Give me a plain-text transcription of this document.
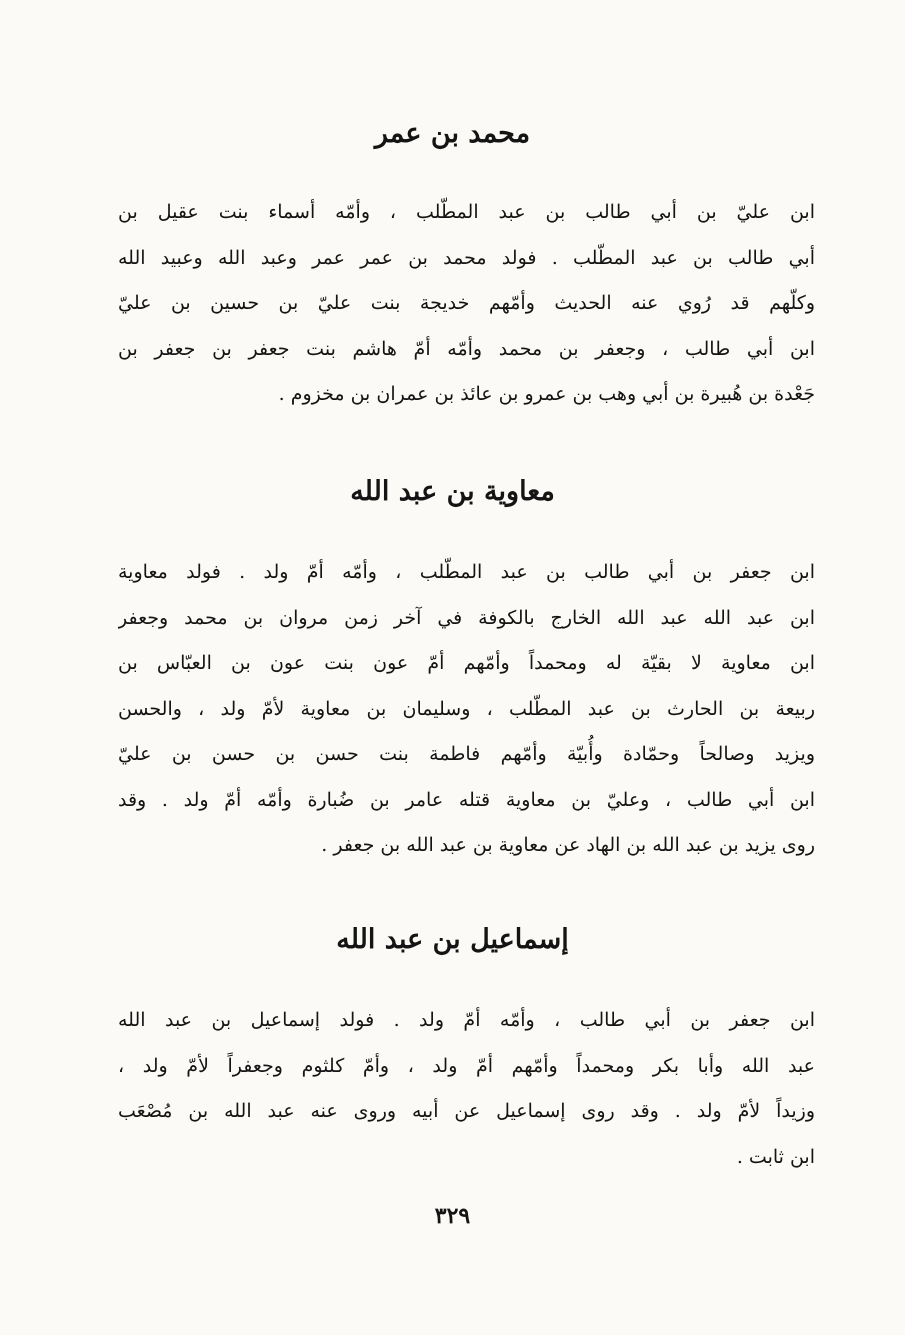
محمد بن عمر
ابن عليّ بن أبي طالب بن عبد المطّلب ، وأمّه أسماء بنت عقيل بن
أبي طالب بن عبد المطّلب . فولد محمد بن عمر عمر وعبد الله وعبيد الله
وكلّهم قد رُوي عنه الحديث وأمّهم خديجة بنت عليّ بن حسين بن عليّ
ابن أبي طالب ، وجعفر بن محمد وأمّه أمّ هاشم بنت جعفر بن جعفر بن
جَعْدة بن هُبيرة بن أبي وهب بن عمرو بن عائذ بن عمران بن مخزوم .
معاوية بن عبد الله
ابن جعفر بن أبي طالب بن عبد المطّلب ، وأمّه أمّ ولد . فولد معاوية
ابن عبد الله عبد الله الخارج بالكوفة في آخر زمن مروان بن محمد وجعفر
ابن معاوية لا بقيّة له ومحمداً وأمّهم أمّ عون بنت عون بن العبّاس بن
ربيعة بن الحارث بن عبد المطّلب ، وسليمان بن معاوية لأمّ ولد ، والحسن
ويزيد وصالحاً وحمّادة وأُبيّة وأمّهم فاطمة بنت حسن بن حسن بن عليّ
ابن أبي طالب ، وعليّ بن معاوية قتله عامر بن ضُبارة وأمّه أمّ ولد . وقد
روى يزيد بن عبد الله بن الهاد عن معاوية بن عبد الله بن جعفر .
إسماعيل بن عبد الله
ابن جعفر بن أبي طالب ، وأمّه أمّ ولد . فولد إسماعيل بن عبد الله
عبد الله وأبا بكر ومحمداً وأمّهم أمّ ولد ، وأمّ كلثوم وجعفراً لأمّ ولد ،
وزيداً لأمّ ولد . وقد روى إسماعيل عن أبيه وروى عنه عبد الله بن مُصْعَب
ابن ثابت .
٣٢٩
